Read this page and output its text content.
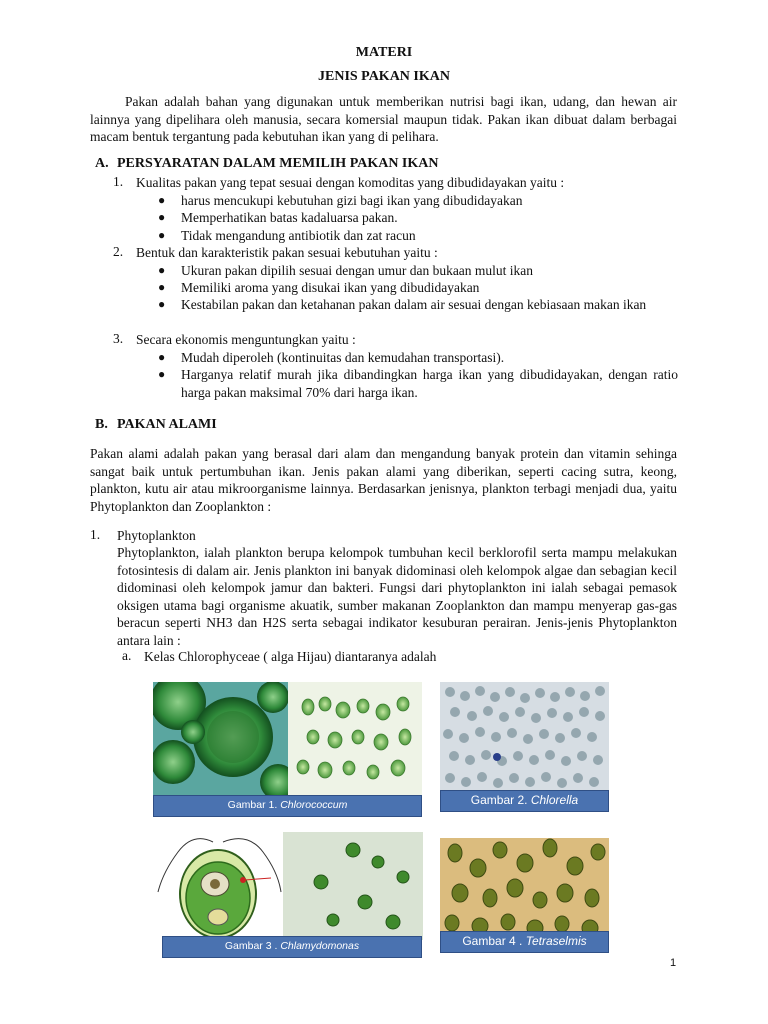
MATERI
JENIS PAKAN IKAN
Pakan adalah bahan yang digunakan untuk memberikan nutrisi bagi ikan, udang, dan hewan air lainnya yang dipelihara oleh manusia, secara komersial maupun tidak. Pakan ikan dibuat dalam berbagai macam bentuk tergantung pada kebutuhan ikan yang di pelihara.
A. PERSYARATAN DALAM MEMILIH PAKAN IKAN
1. Kualitas pakan yang tepat sesuai dengan komoditas yang dibudidayakan yaitu :
● harus mencukupi kebutuhan gizi bagi ikan yang dibudidayakan
● Memperhatikan batas kadaluarsa pakan.
● Tidak mengandung antibiotik dan zat racun
2. Bentuk dan karakteristik pakan sesuai kebutuhan yaitu :
● Ukuran pakan dipilih sesuai dengan umur dan bukaan mulut ikan
● Memiliki aroma yang disukai ikan yang dibudidayakan
● Kestabilan pakan dan ketahanan pakan dalam air sesuai dengan kebiasaan makan ikan
3. Secara ekonomis menguntungkan yaitu :
● Mudah diperoleh (kontinuitas dan kemudahan transportasi).
● Harganya relatif murah jika dibandingkan harga ikan yang dibudidayakan, dengan ratio harga pakan maksimal 70% dari harga ikan.
B. PAKAN ALAMI
Pakan alami adalah pakan yang berasal dari alam dan mengandung banyak protein dan vitamin sehinga sangat baik untuk pertumbuhan ikan. Jenis pakan alami yang diberikan, seperti cacing sutra, keong, plankton, kutu air atau mikroorganisme lainnya. Berdasarkan jenisnya, plankton terbagi menjadi dua, yaitu Phytoplankton dan Zooplankton :
1. Phytoplankton
Phytoplankton, ialah plankton berupa kelompok tumbuhan kecil berklorofil serta mampu melakukan fotosintesis di dalam air. Jenis plankton ini banyak didominasi oleh kelompok algae dan sebagian kecil didominasi oleh kelompok jamur dan bakteri. Fungsi dari phytoplankton ini ialah sebagai pemasok oksigen utama bagi organisme akuatik, sumber makanan Zooplankton dan mampu menyerap gas-gas beracun seperti NH3 dan H2S serta sebagai indikator kesuburan perairan. Jenis-jenis Phytoplankton antara lain :
a. Kelas Chlorophyceae ( alga Hijau) diantaranya adalah
Gambar 1. Chlorococcum	Gambar 2. Chlorella
Gambar 3 . Chlamydomonas	Gambar 4 . Tetraselmis
1
